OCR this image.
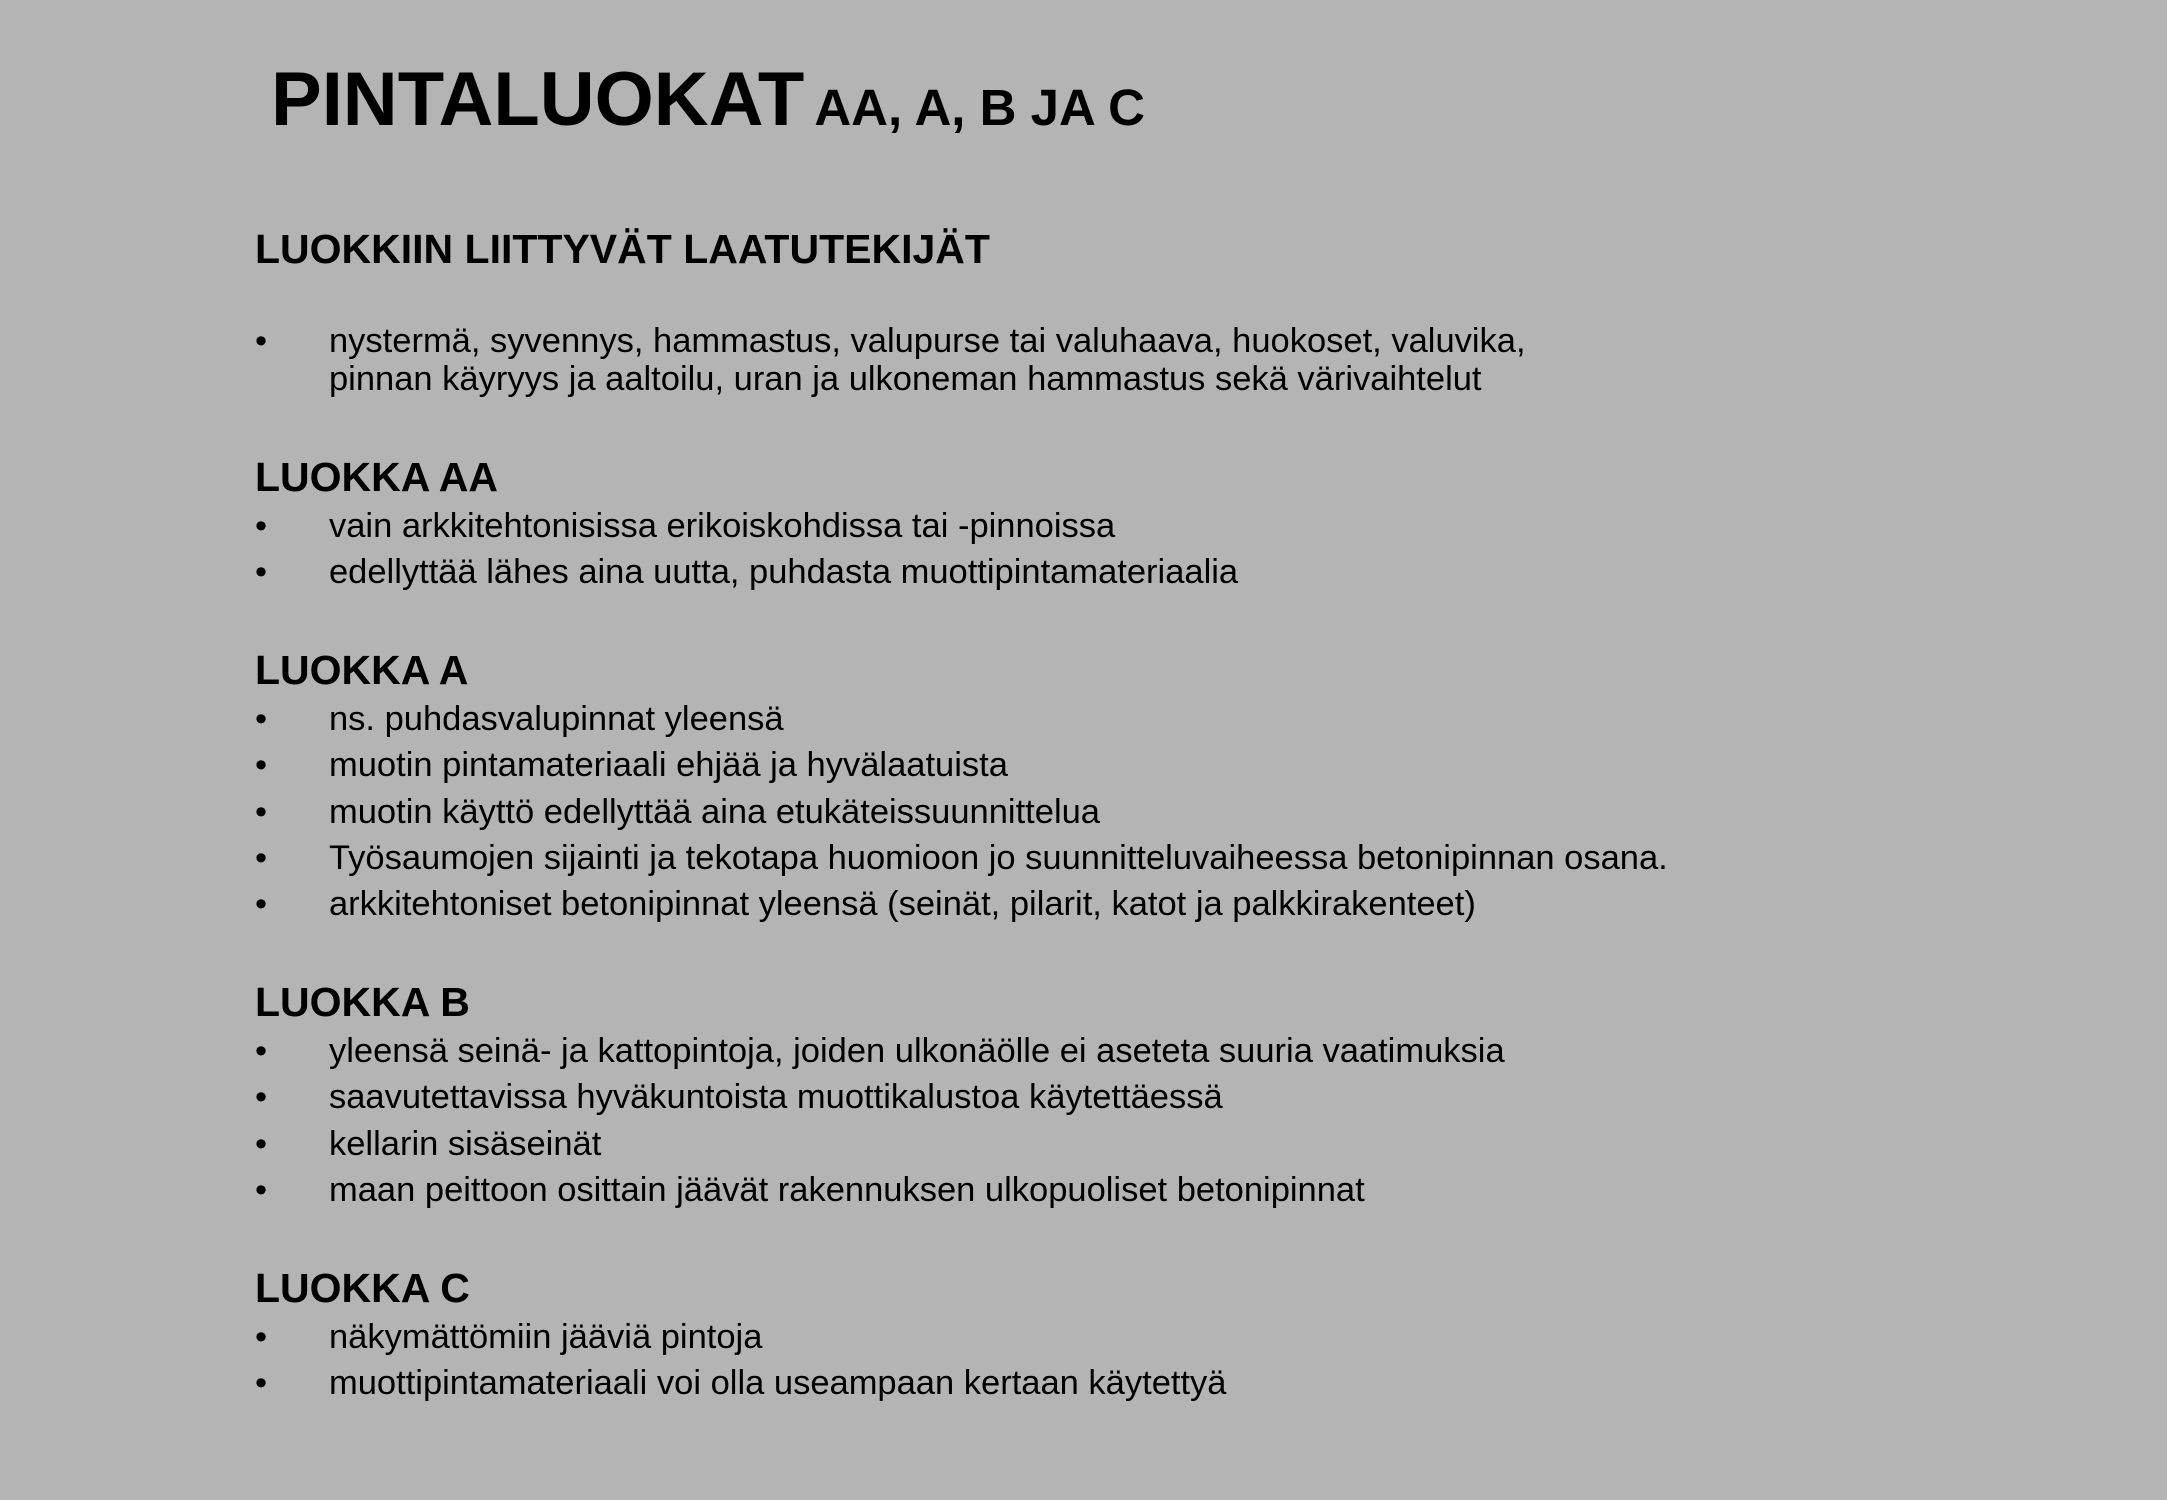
PINTALUOKAT AA, A, B JA C
LUOKKIIN LIITTYVÄT LAATUTEKIJÄT
• nystermä, syvennys, hammastus, valupurse tai valuhaava, huokoset, valuvika,
pinnan käyryys ja aaltoilu, uran ja ulkoneman hammastus sekä värivaihtelut
LUOKKA AA
• vain arkkitehtonisissa erikoiskohdissa tai -pinnoissa
• edellyttää lähes aina uutta, puhdasta muottipintamateriaalia
LUOKKA A
• ns. puhdasvalupinnat yleensä
• muotin pintamateriaali ehjää ja hyvälaatuista
• muotin käyttö edellyttää aina etukäteissuunnittelua
• Työsaumojen sijainti ja tekotapa huomioon jo suunnitteluvaiheessa betonipinnan osana.
• arkkitehtoniset betonipinnat yleensä (seinät, pilarit, katot ja palkkirakenteet)
LUOKKA B
• yleensä seinä- ja kattopintoja, joiden ulkonäölle ei aseteta suuria vaatimuksia
• saavutettavissa hyväkuntoista muottikalustoa käytettäessä
• kellarin sisäseinät
• maan peittoon osittain jäävät rakennuksen ulkopuoliset betonipinnat
LUOKKA C
• näkymättömiin jääviä pintoja
• muottipintamateriaali voi olla useampaan kertaan käytettyä
